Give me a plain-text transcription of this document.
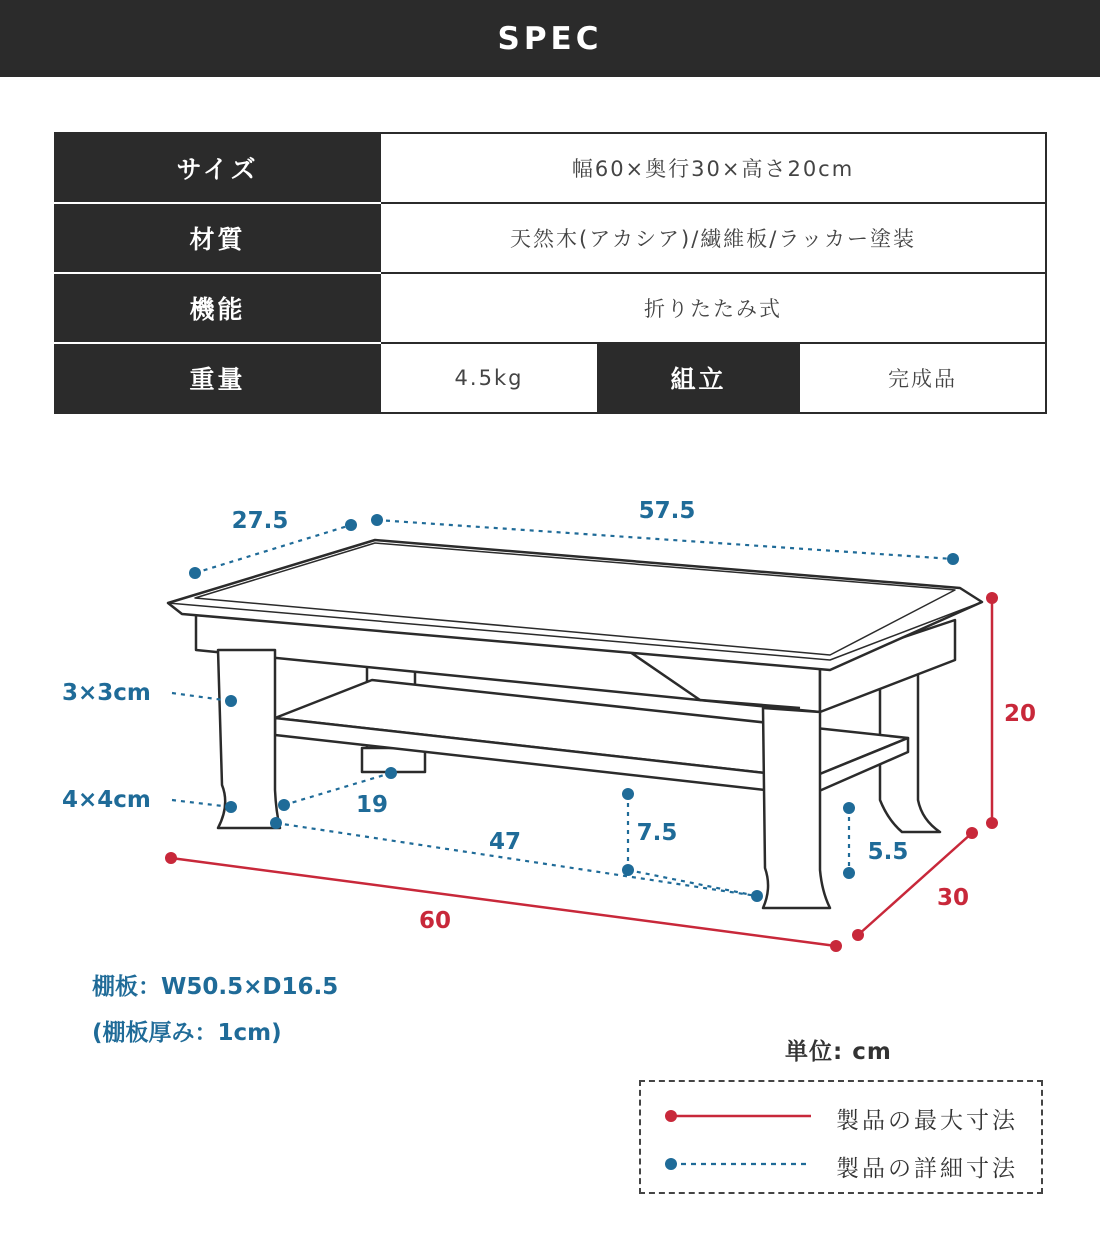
SPEC
サイズ	幅60×奥行30×高さ20cm		
材質	天然木(アカシア)/繊維板/ラッカー塗装		
機能	折りたたみ式		
重量	4.5kg	組立	完成品
27.5	57.5
3×3cm
4×4cm	19
47	7.5
5.5
20
60
30
棚板：W50.5×D16.5
(棚板厚み：1cm)
単位: cm
製品の最大寸法
製品の詳細寸法
